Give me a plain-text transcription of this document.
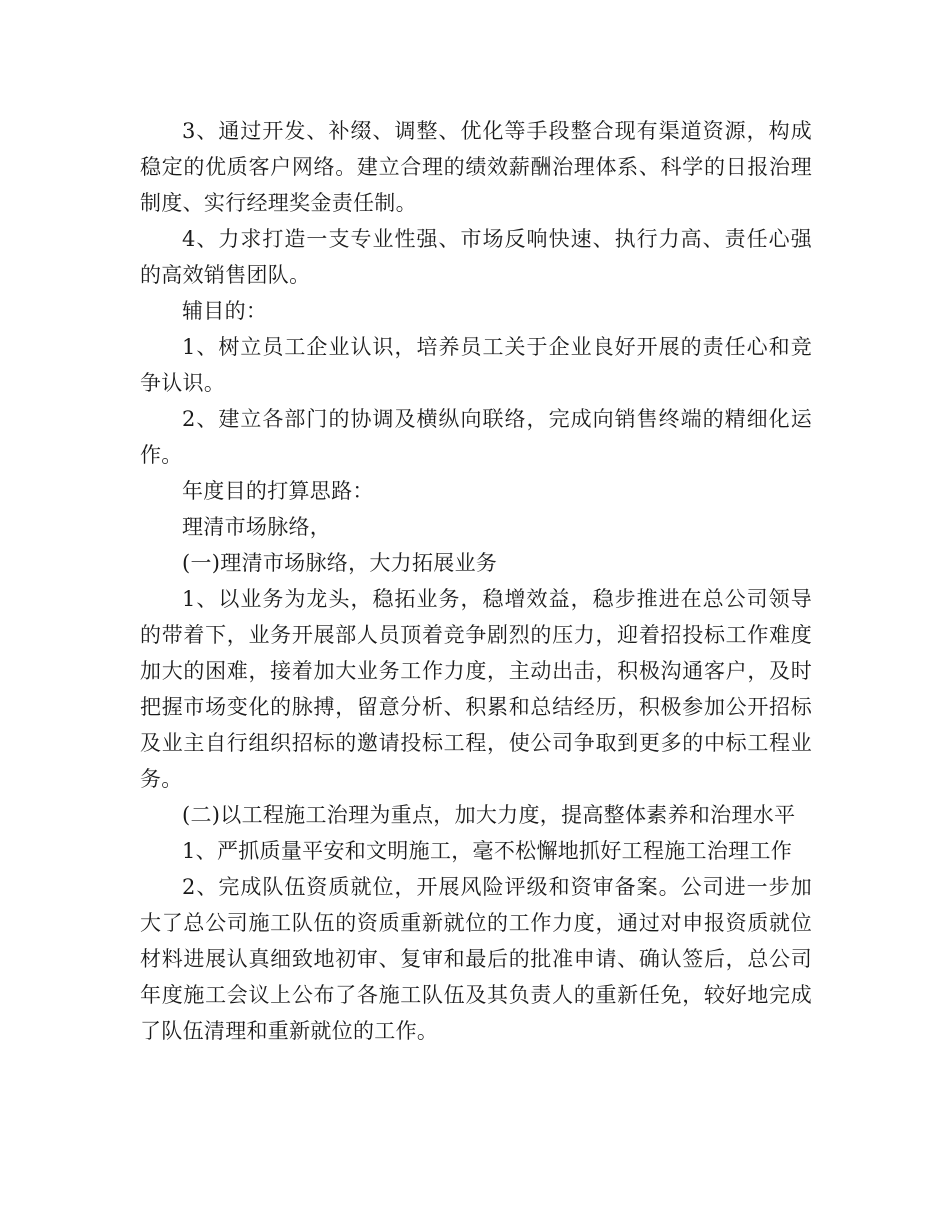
3、通过开发、补缀、调整、优化等手段整合现有渠道资源，构成稳定的优质客户网络。建立合理的绩效薪酬治理体系、科学的日报治理制度、实行经理奖金责任制。

4、力求打造一支专业性强、市场反响快速、执行力高、责任心强的高效销售团队。

辅目的：

1、树立员工企业认识，培养员工关于企业良好开展的责任心和竞争认识。

2、建立各部门的协调及横纵向联络，完成向销售终端的精细化运作。

年度目的打算思路：

理清市场脉络，

(一)理清市场脉络，大力拓展业务

1、以业务为龙头，稳拓业务，稳增效益，稳步推进在总公司领导的带着下，业务开展部人员顶着竞争剧烈的压力，迎着招投标工作难度加大的困难，接着加大业务工作力度，主动出击，积极沟通客户，及时把握市场变化的脉搏，留意分析、积累和总结经历，积极参加公开招标及业主自行组织招标的邀请投标工程，使公司争取到更多的中标工程业务。

(二)以工程施工治理为重点，加大力度，提高整体素养和治理水平

1、严抓质量平安和文明施工，毫不松懈地抓好工程施工治理工作

2、完成队伍资质就位，开展风险评级和资审备案。公司进一步加大了总公司施工队伍的资质重新就位的工作力度，通过对申报资质就位材料进展认真细致地初审、复审和最后的批准申请、确认签后，总公司年度施工会议上公布了各施工队伍及其负责人的重新任免，较好地完成了队伍清理和重新就位的工作。
